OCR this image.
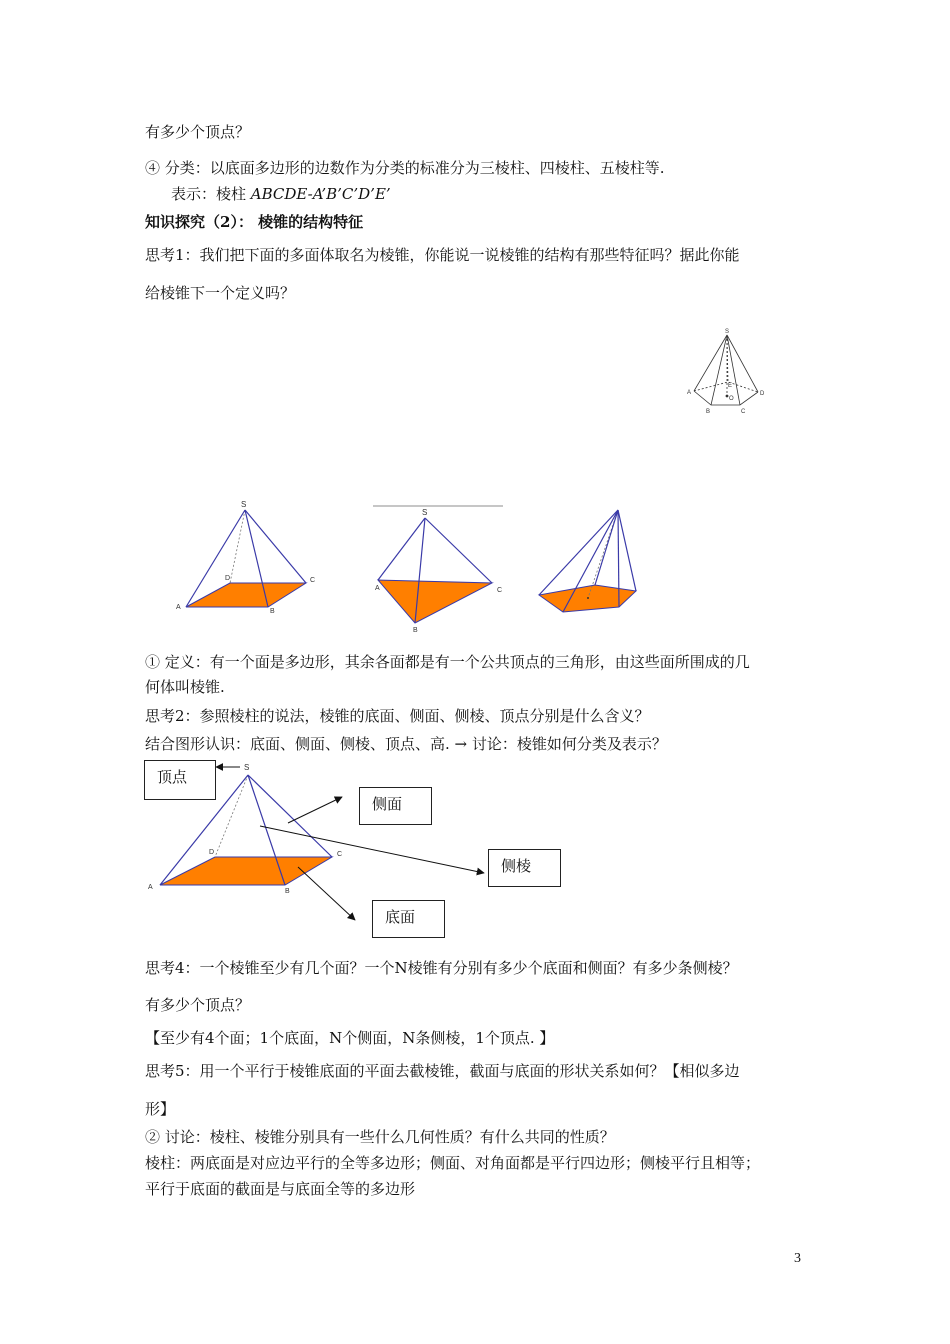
有多少个顶点？
④ 分类：以底面多边形的边数作为分类的标准分为三棱柱、四棱柱、五棱柱等.
表示：棱柱 ABCDE-A’B’C’D’E’
知识探究（2）： 棱锥的结构特征
思考1：我们把下面的多面体取名为棱锥，你能说一说棱锥的结构有那些特征吗？据此你能
给棱锥下一个定义吗？
S
A
B	C
D
E
O
S
A
B
C
D
S
A
B
C
① 定义：有一个面是多边形，其余各面都是有一个公共顶点的三角形，由这些面所围成的几
何体叫棱锥.
思考2：参照棱柱的说法，棱锥的底面、侧面、侧棱、顶点分别是什么含义？
结合图形认识：底面、侧面、侧棱、顶点、高. → 讨论：棱锥如何分类及表示？
S
A
B
C
D
顶点
侧面
侧棱
底面
思考4：一个棱锥至少有几个面？一个N棱锥有分别有多少个底面和侧面？有多少条侧棱？
有多少个顶点？
【至少有4个面；1个底面，N个侧面，N条侧棱，1个顶点. 】
思考5：用一个平行于棱锥底面的平面去截棱锥，截面与底面的形状关系如何？【相似多边
形】
② 讨论：棱柱、棱锥分别具有一些什么几何性质？有什么共同的性质？
棱柱：两底面是对应边平行的全等多边形；侧面、对角面都是平行四边形；侧棱平行且相等；
平行于底面的截面是与底面全等的多边形
3
